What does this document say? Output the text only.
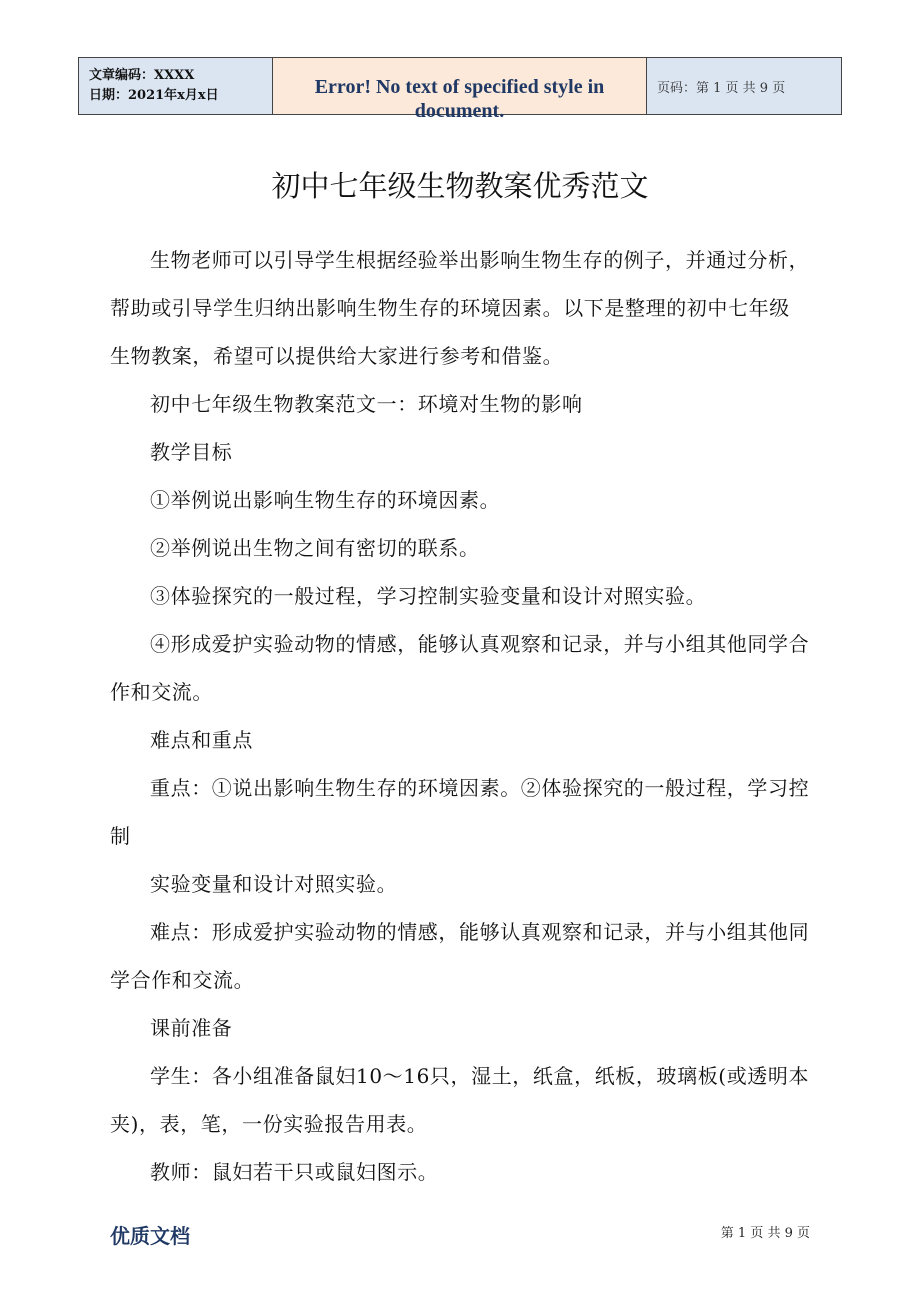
文章编码：XXXX
日期：2021年x月x日	Error! No text of specified style in document.
页码：第 1 页 共 9 页
初中七年级生物教案优秀范文

生物老师可以引导学生根据经验举出影响生物生存的例子，并通过分析，帮助或引导学生归纳出影响生物生存的环境因素。以下是整理的初中七年级生物教案，希望可以提供给大家进行参考和借鉴。

初中七年级生物教案范文一：环境对生物的影响

教学目标

①举例说出影响生物生存的环境因素。

②举例说出生物之间有密切的联系。

③体验探究的一般过程，学习控制实验变量和设计对照实验。

④形成爱护实验动物的情感，能够认真观察和记录，并与小组其他同学合作和交流。

难点和重点

重点：①说出影响生物生存的环境因素。②体验探究的一般过程，学习控制

实验变量和设计对照实验。

难点：形成爱护实验动物的情感，能够认真观察和记录，并与小组其他同学合作和交流。

课前准备

学生：各小组准备鼠妇10～16只，湿土，纸盒，纸板，玻璃板(或透明本夹)，表，笔，一份实验报告用表。

教师：鼠妇若干只或鼠妇图示。

优质文档	第 1 页 共 9 页
